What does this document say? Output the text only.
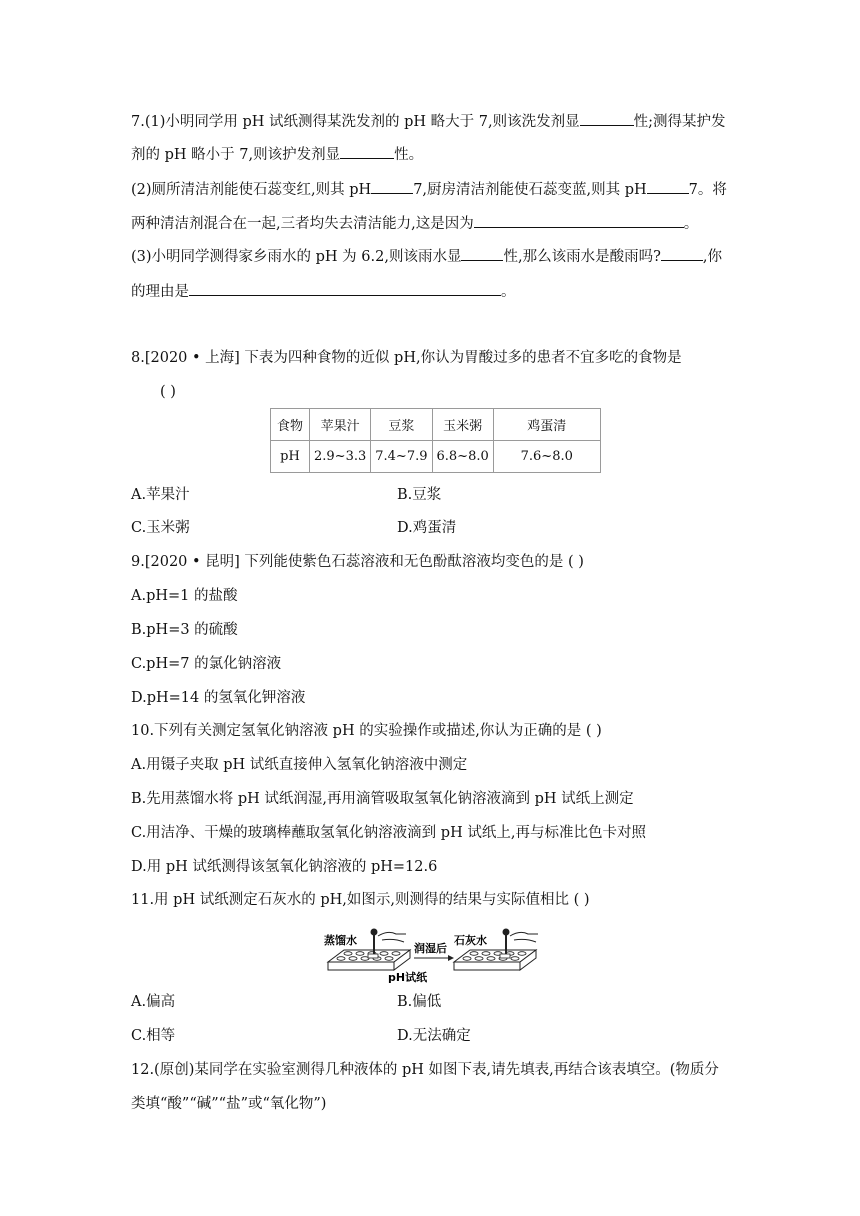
7.(1)小明同学用 pH 试纸测得某洗发剂的 pH 略大于 7,则该洗发剂显	性;测得某护发
剂的 pH 略小于 7,则该护发剂显	性。
(2)厕所清洁剂能使石蕊变红,则其 pH	7,厨房清洁剂能使石蕊变蓝,则其 pH	7。将
两种清洁剂混合在一起,三者均失去清洁能力,这是因为	。
(3)小明同学测得家乡雨水的 pH 为 6.2,则该雨水显	性,那么该雨水是酸雨吗?	,你
的理由是	。
8.[2020 • 上海] 下表为四种食物的近似 pH,你认为胃酸过多的患者不宜多吃的食物是
( )
食物	苹果汁	豆浆	玉米粥	鸡蛋清
pH	2.9~3.3	7.4~7.9	6.8~8.0	7.6~8.0
A.苹果汁	B.豆浆
C.玉米粥	D.鸡蛋清
9.[2020 • 昆明] 下列能使紫色石蕊溶液和无色酚酞溶液均变色的是 ( )
A.pH=1 的盐酸
B.pH=3 的硫酸
C.pH=7 的氯化钠溶液
D.pH=14 的氢氧化钾溶液
10.下列有关测定氢氧化钠溶液 pH 的实验操作或描述,你认为正确的是 ( )
A.用镊子夹取 pH 试纸直接伸入氢氧化钠溶液中测定
B.先用蒸馏水将 pH 试纸润湿,再用滴管吸取氢氧化钠溶液滴到 pH 试纸上测定
C.用洁净、干燥的玻璃棒蘸取氢氧化钠溶液滴到 pH 试纸上,再与标准比色卡对照
D.用 pH 试纸测得该氢氧化钠溶液的 pH=12.6
11.用 pH 试纸测定石灰水的 pH,如图示,则测得的结果与实际值相比 ( )
蒸馏水
润湿后
石灰水
pH试纸
A.偏高	B.偏低
C.相等	D.无法确定
12.(原创)某同学在实验室测得几种液体的 pH 如图下表,请先填表,再结合该表填空。(物质分
类填“酸”“碱”“盐”或“氧化物”)
